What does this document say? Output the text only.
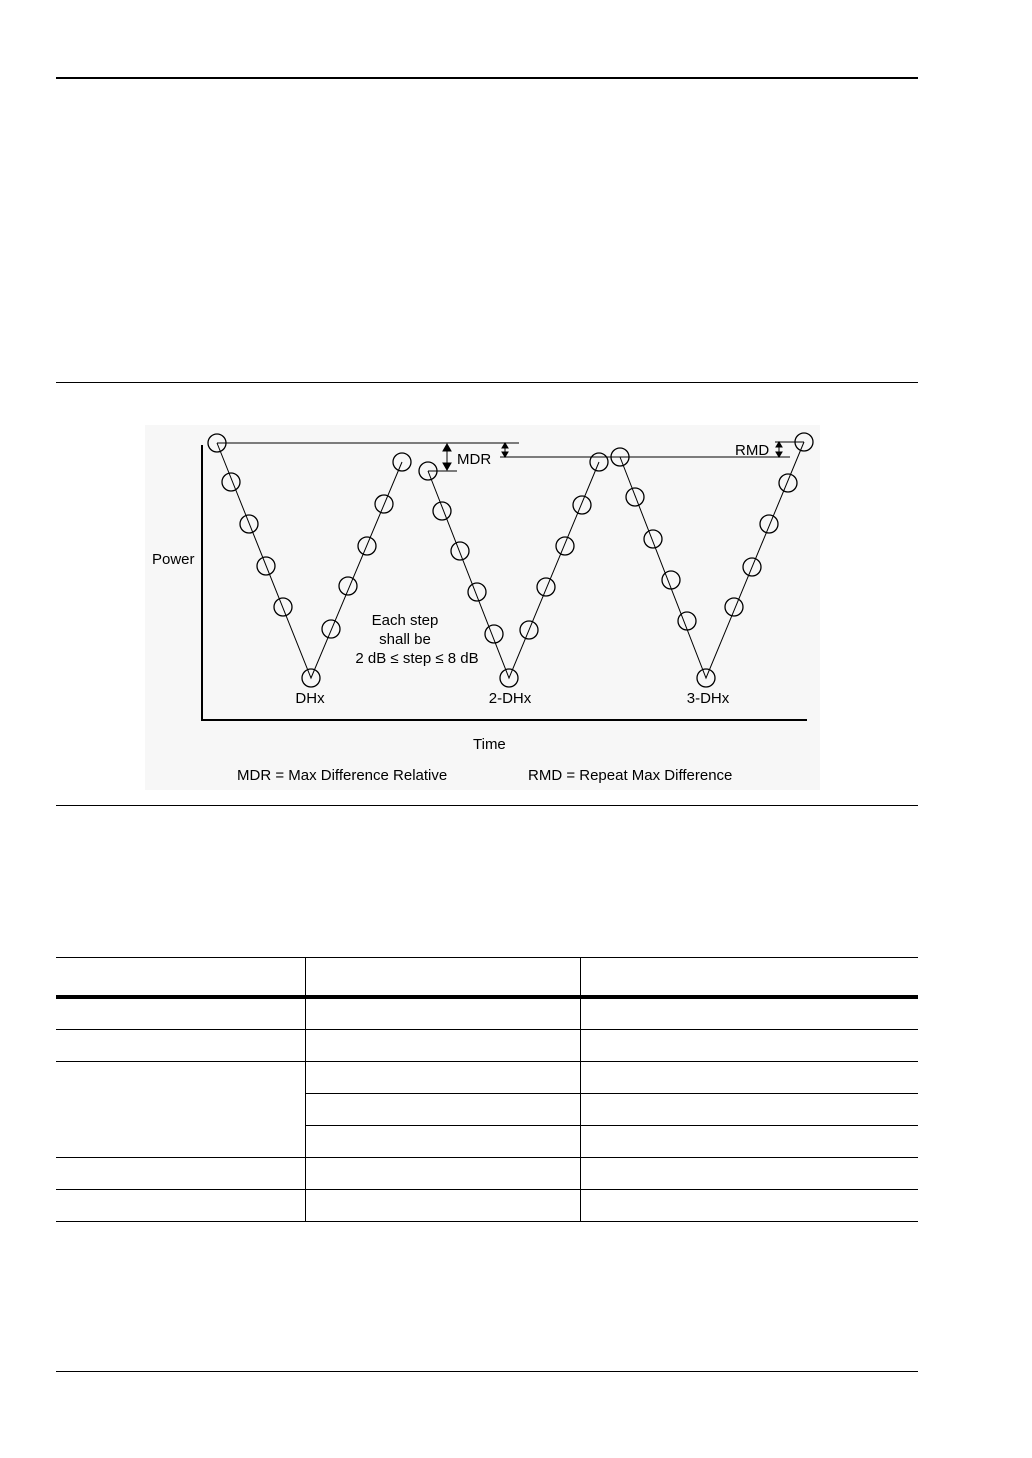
Power
Time
MDR
RMD
Each step
shall be
2 dB ≤ step ≤ 8 dB
DHx	2-DHx	3-DHx
MDR = Max Difference Relative	RMD = Repeat Max Difference
